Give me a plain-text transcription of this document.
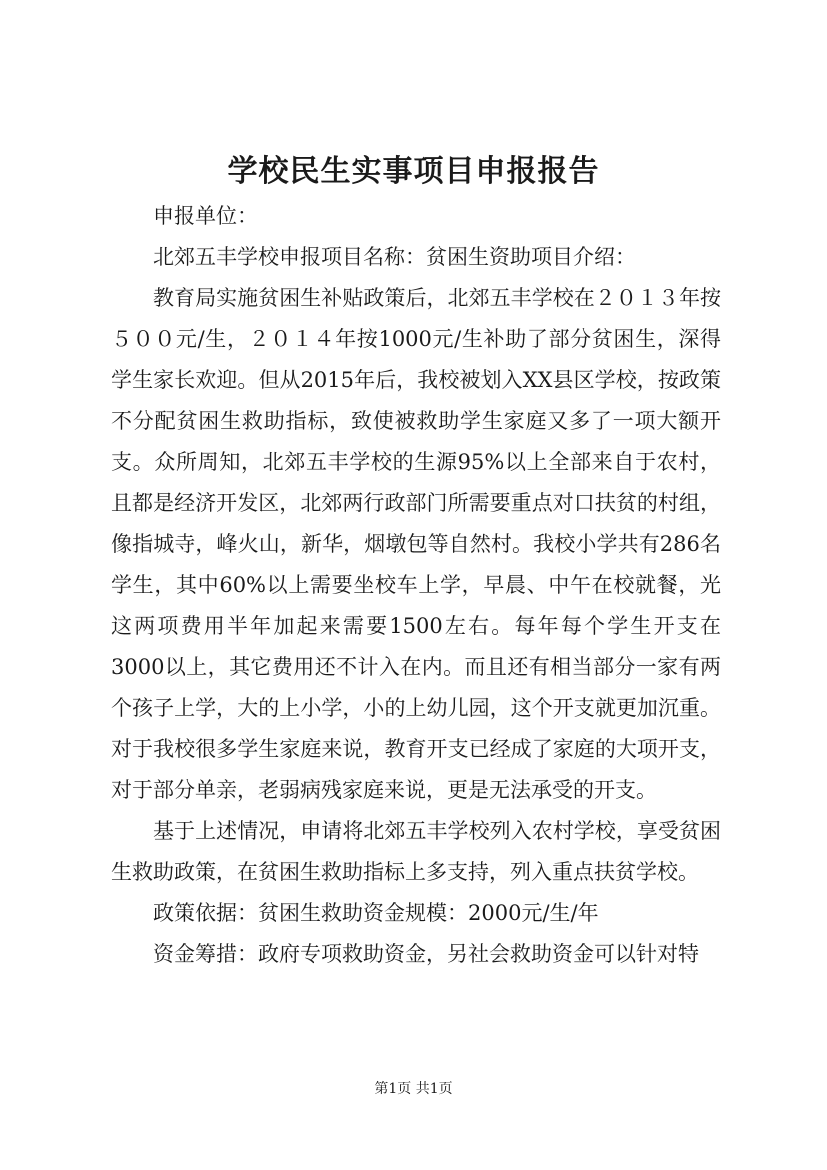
学校民生实事项目申报报告

申报单位：

北郊五丰学校申报项目名称：贫困生资助项目介绍：

教育局实施贫困生补贴政策后，北郊五丰学校在２０１３年按５００元/生，２０１４年按1000元/生补助了部分贫困生，深得学生家长欢迎。但从2015年后，我校被划入XX县区学校，按政策不分配贫困生救助指标，致使被救助学生家庭又多了一项大额开支。众所周知，北郊五丰学校的生源95%以上全部来自于农村，且都是经济开发区，北郊两行政部门所需要重点对口扶贫的村组，像指城寺，峰火山，新华，烟墩包等自然村。我校小学共有286名学生，其中60%以上需要坐校车上学，早晨、中午在校就餐，光这两项费用半年加起来需要1500左右。每年每个学生开支在3000以上，其它费用还不计入在内。而且还有相当部分一家有两个孩子上学，大的上小学，小的上幼儿园，这个开支就更加沉重。对于我校很多学生家庭来说，教育开支已经成了家庭的大项开支，对于部分单亲，老弱病残家庭来说，更是无法承受的开支。

基于上述情况，申请将北郊五丰学校列入农村学校，享受贫困生救助政策，在贫困生救助指标上多支持，列入重点扶贫学校。

政策依据：贫困生救助资金规模：2000元/生/年

资金筹措：政府专项救助资金，另社会救助资金可以针对特

第1页 共1页
